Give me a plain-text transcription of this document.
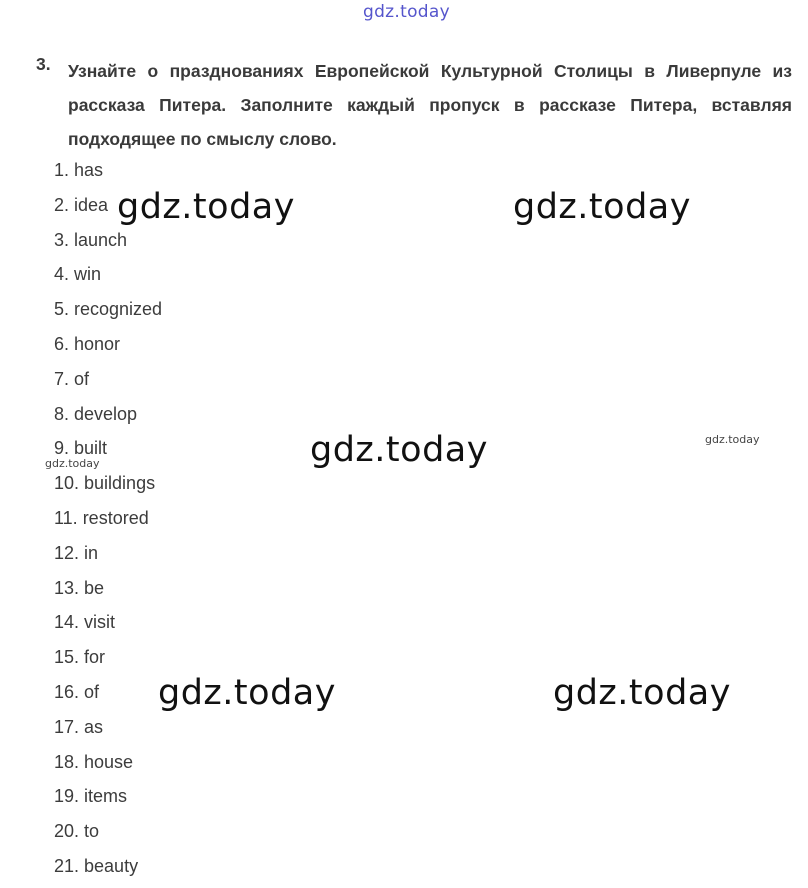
gdz.today
3. Узнайте о празднованиях Европейской Культурной Столицы в Ливерпуле из рассказа Питера. Заполните каждый пропуск в рассказе Питера, вставляя подходящее по смыслу слово.
1. has
2. idea
3. launch
4. win
5. recognized
6. honor
7. of
8. develop
9. built
10. buildings
11. restored
12. in
13. be
14. visit
15. for
16. of
17. as
18. house
19. items
20. to
21. beauty
gdz.today	gdz.today
gdz.today
gdz.today	gdz.today
gdz.today
gdz.today
